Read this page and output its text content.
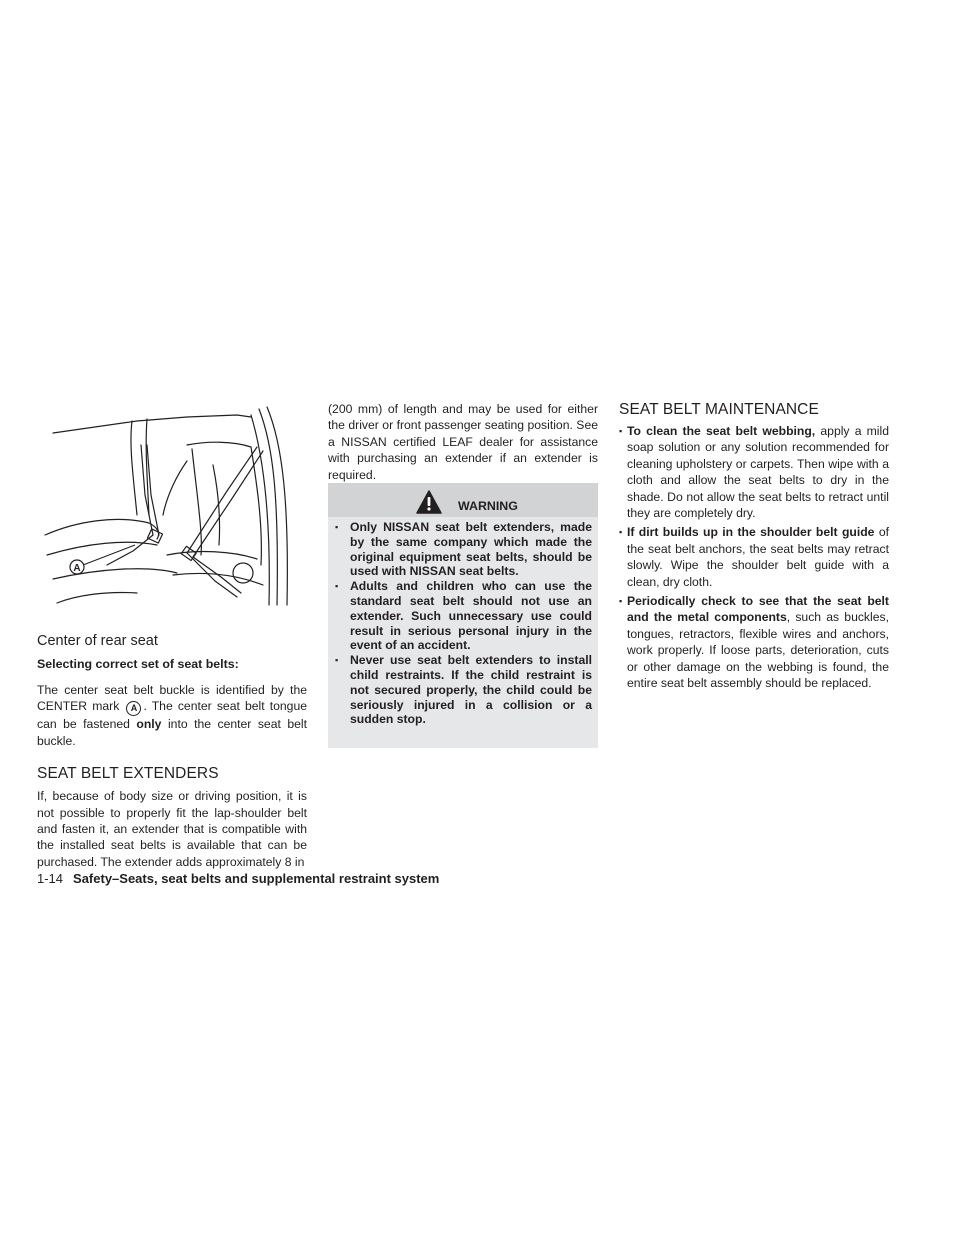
A
Center of rear seat
Selecting correct set of seat belts:

The center seat belt buckle is identified by the CENTER mark A . The center seat belt tongue can be fastened only into the center seat belt buckle.

SEAT BELT EXTENDERS

If, because of body size or driving position, it is not possible to properly fit the lap-shoulder belt and fasten it, an extender that is compatible with the installed seat belts is available that can be purchased. The extender adds approximately 8 in

(200 mm) of length and may be used for either the driver or front passenger seating position. See a NISSAN certified LEAF dealer for assistance with purchasing an extender if an extender is required.

WARNING
▪ Only NISSAN seat belt extenders, made by the same company which made the original equipment seat belts, should be used with NISSAN seat belts.
▪ Adults and children who can use the standard seat belt should not use an extender. Such unnecessary use could result in serious personal injury in the event of an accident.
▪ Never use seat belt extenders to install child restraints. If the child restraint is not secured properly, the child could be seriously injured in a collision or a sudden stop.
SEAT BELT MAINTENANCE
▪ To clean the seat belt webbing, apply a mild soap solution or any solution recommended for cleaning upholstery or carpets. Then wipe with a cloth and allow the seat belts to dry in the shade. Do not allow the seat belts to retract until they are completely dry.
▪ If dirt builds up in the shoulder belt guide of the seat belt anchors, the seat belts may retract slowly. Wipe the shoulder belt guide with a clean, dry cloth.
▪ Periodically check to see that the seat belt and the metal components, such as buckles, tongues, retractors, flexible wires and anchors, work properly. If loose parts, deterioration, cuts or other damage on the webbing is found, the entire seat belt assembly should be replaced.
1-14 Safety–Seats, seat belts and supplemental restraint system
